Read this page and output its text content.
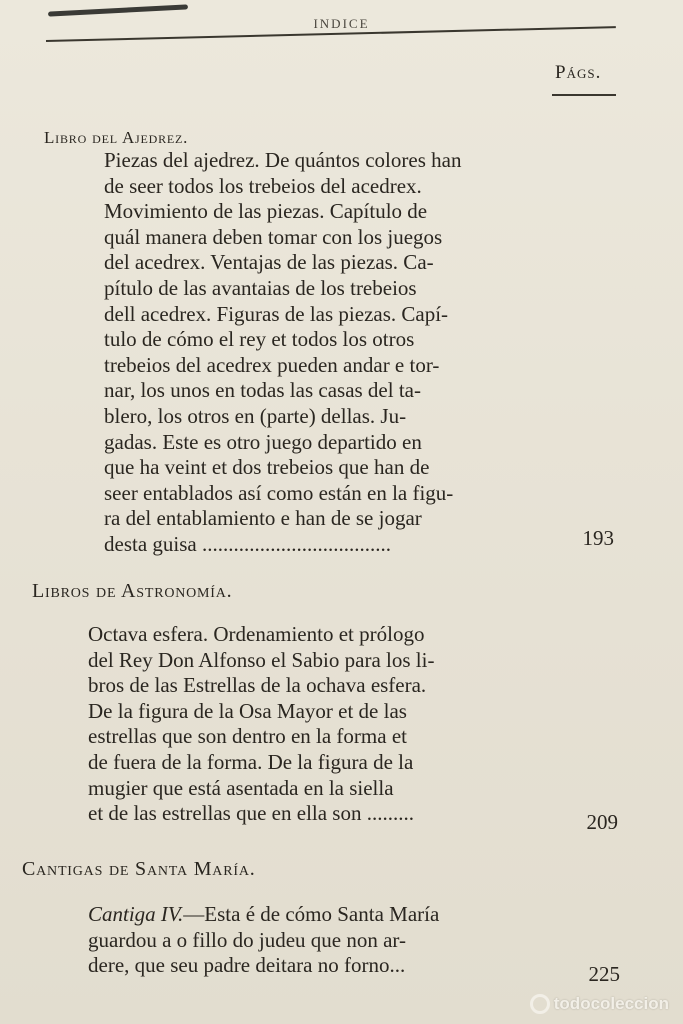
INDICE
Págs.
Libro del Ajedrez.
Piezas del ajedrez. De quántos colores han
de seer todos los trebeios del acedrex.
Movimiento de las piezas. Capítulo de
quál manera deben tomar con los juegos
del acedrex. Ventajas de las piezas. Ca-
pítulo de las avantaias de los trebeios
dell acedrex. Figuras de las piezas. Capí-
tulo de cómo el rey et todos los otros
trebeios del acedrex pueden andar e tor-
nar, los unos en todas las casas del ta-
blero, los otros en (parte) dellas. Ju-
gadas. Este es otro juego departido en
que ha veint et dos trebeios que han de
seer entablados así como están en la figu-
ra del entablamiento e han de se jogar
desta guisa ....................................	193
Libros de Astronomía.
Octava esfera. Ordenamiento et prólogo
del Rey Don Alfonso el Sabio para los li-
bros de las Estrellas de la ochava esfera.
De la figura de la Osa Mayor et de las
estrellas que son dentro en la forma et
de fuera de la forma. De la figura de la
mugier que está asentada en la siella
et de las estrellas que en ella son .........	209
Cantigas de Santa María.
Cantiga IV.—Esta é de cómo Santa María
guardou a o fillo do judeu que non ar-
dere, que seu padre deitara no forno...	225
todocoleccion
